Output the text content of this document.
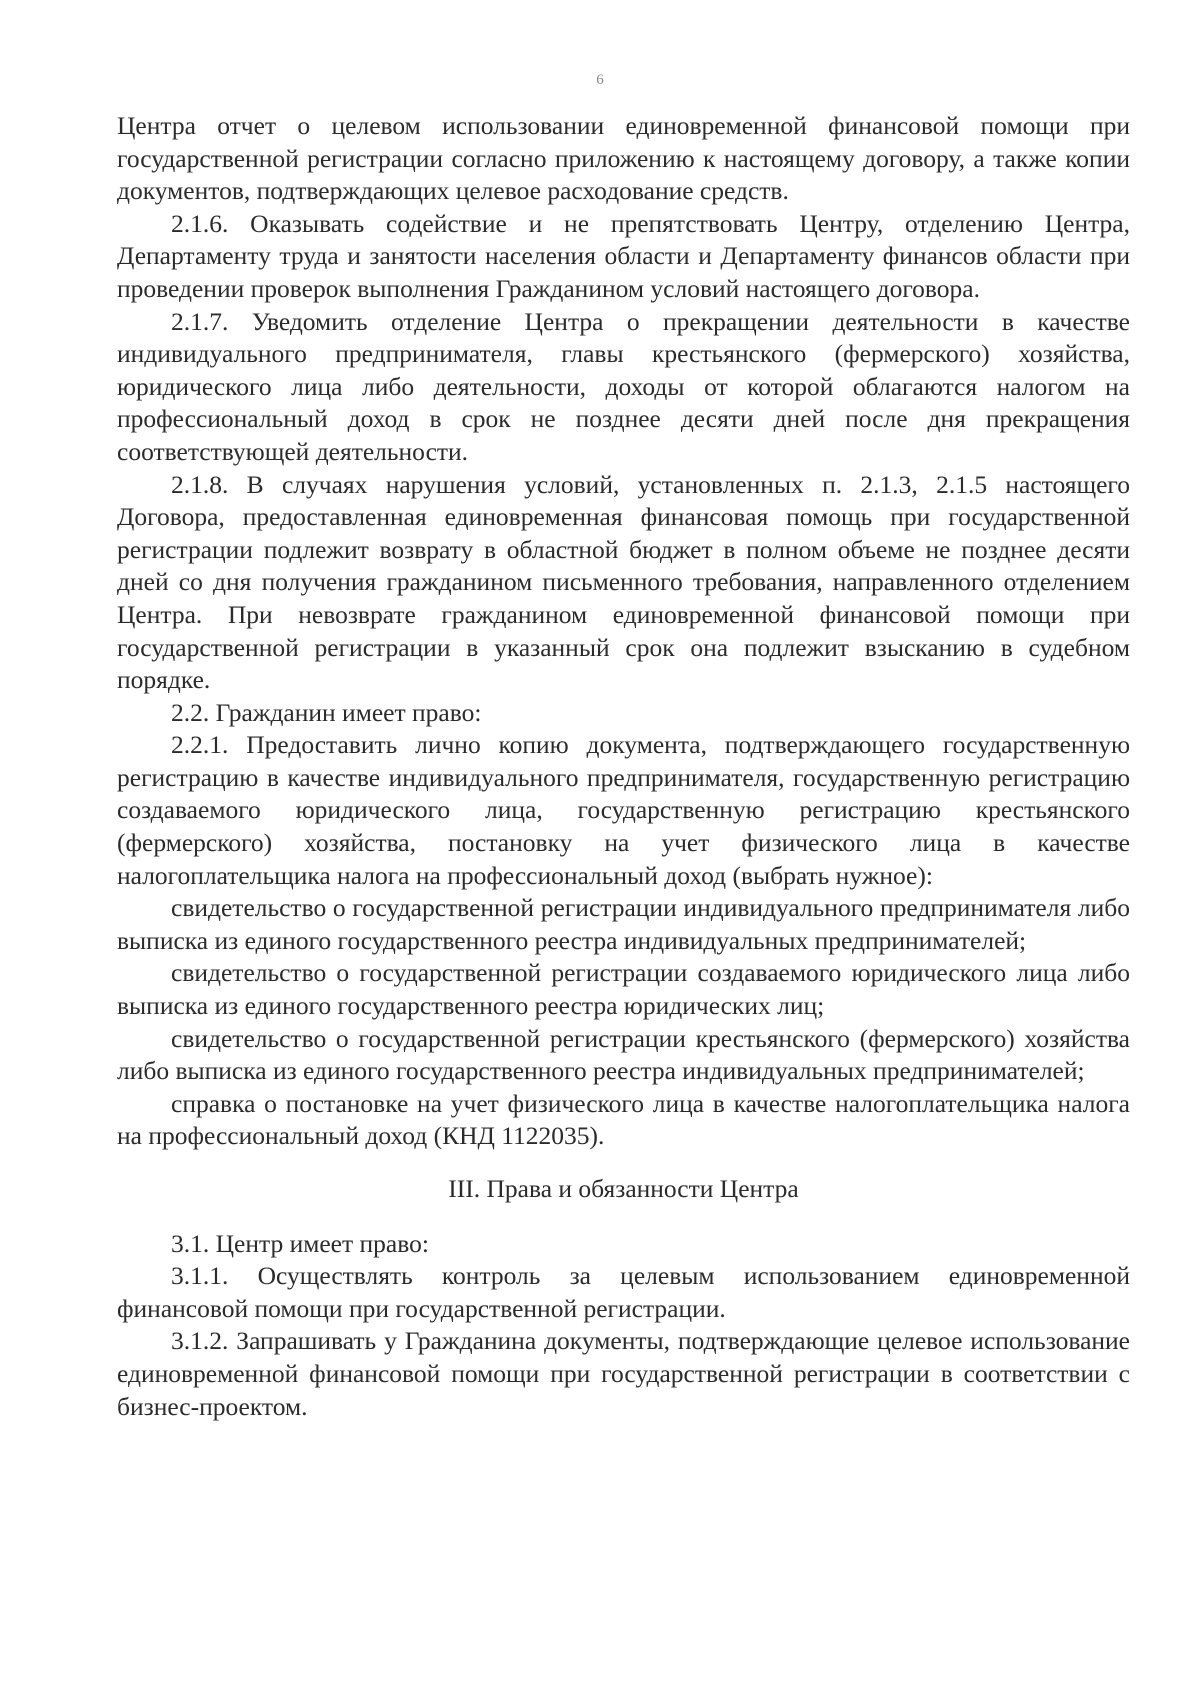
6

Центра отчет о целевом использовании единовременной финансовой помощи при государственной регистрации согласно приложению к настоящему договору, а также копии документов, подтверждающих целевое расходование средств.

2.1.6. Оказывать содействие и не препятствовать Центру, отделению Центра, Департаменту труда и занятости населения области и Департаменту финансов области при проведении проверок выполнения Гражданином условий настоящего договора.

2.1.7. Уведомить отделение Центра о прекращении деятельности в качестве индивидуального предпринимателя, главы крестьянского (фермерского) хозяйства, юридического лица либо деятельности, доходы от которой облагаются налогом на профессиональный доход в срок не позднее десяти дней после дня прекращения соответствующей деятельности.

2.1.8. В случаях нарушения условий, установленных п. 2.1.3, 2.1.5 настоящего Договора, предоставленная единовременная финансовая помощь при государственной регистрации подлежит возврату в областной бюджет в полном объеме не позднее десяти дней со дня получения гражданином письменного требования, направленного отделением Центра. При невозврате гражданином единовременной финансовой помощи при государственной регистрации в указанный срок она подлежит взысканию в судебном порядке.

2.2. Гражданин имеет право:

2.2.1. Предоставить лично копию документа, подтверждающего государственную регистрацию в качестве индивидуального предпринимателя, государственную регистрацию создаваемого юридического лица, государственную регистрацию крестьянского (фермерского) хозяйства, постановку на учет физического лица в качестве налогоплательщика налога на профессиональный доход (выбрать нужное):

свидетельство о государственной регистрации индивидуального предпринимателя либо выписка из единого государственного реестра индивидуальных предпринимателей;

свидетельство о государственной регистрации создаваемого юридического лица либо выписка из единого государственного реестра юридических лиц;

свидетельство о государственной регистрации крестьянского (фермерского) хозяйства либо выписка из единого государственного реестра индивидуальных предпринимателей;

справка о постановке на учет физического лица в качестве налогоплательщика налога на профессиональный доход (КНД 1122035).

III. Права и обязанности Центра

3.1. Центр имеет право:

3.1.1. Осуществлять контроль за целевым использованием единовременной финансовой помощи при государственной регистрации.

3.1.2. Запрашивать у Гражданина документы, подтверждающие целевое использование единовременной финансовой помощи при государственной регистрации в соответствии с бизнес-проектом.
